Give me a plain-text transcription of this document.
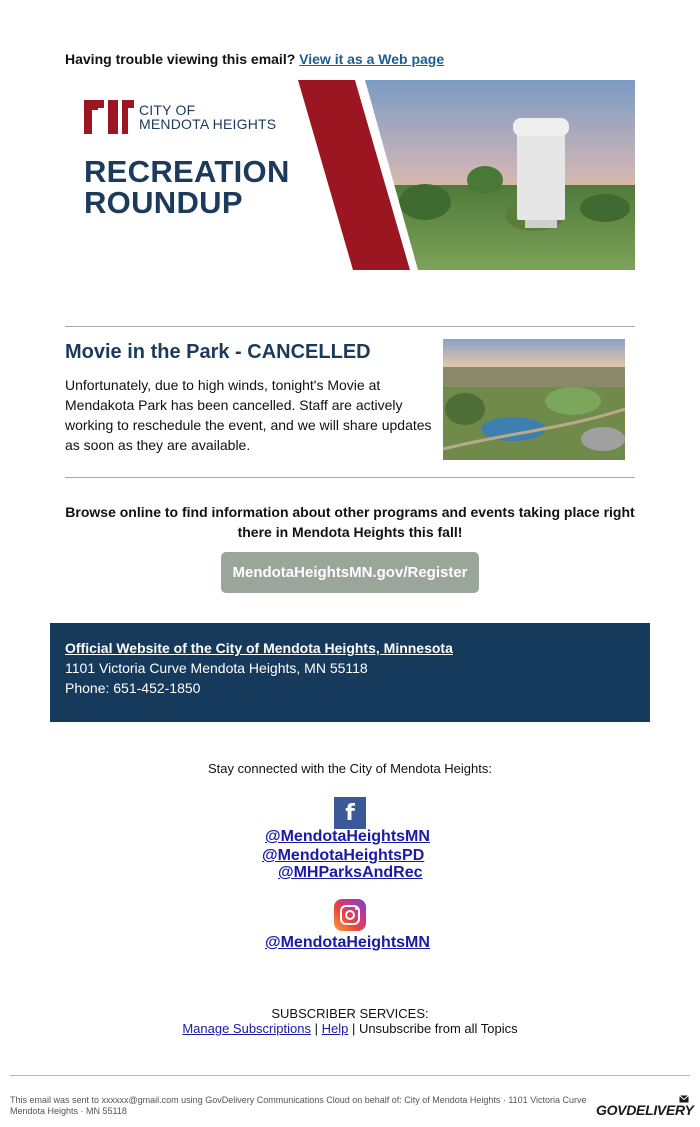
Having trouble viewing this email? View it as a Web page
CITY OF
MENDOTA HEIGHTS
RECREATION
ROUNDUP
Movie in the Park - CANCELLED
Unfortunately, due to high winds, tonight's Movie at Mendakota Park has been cancelled. Staff are actively working to reschedule the event, and we will share updates as soon as they are available.
Browse online to find information about other programs and events taking place right there in Mendota Heights this fall!
MendotaHeightsMN.gov/Register
Official Website of the City of Mendota Heights, Minnesota
1101 Victoria Curve Mendota Heights, MN 55118
Phone: 651-452-1850
Stay connected with the City of Mendota Heights:
f
@MendotaHeightsMN
@MendotaHeightsPD
@MHParksAndRec
@MendotaHeightsMN
SUBSCRIBER SERVICES:
Manage Subscriptions | Help | Unsubscribe from all Topics
This email was sent to xxxxxx@gmail.com using GovDelivery Communications Cloud on behalf of: City of Mendota Heights · 1101 Victoria Curve Mendota Heights · MN 55118	GOVDELIVERY
